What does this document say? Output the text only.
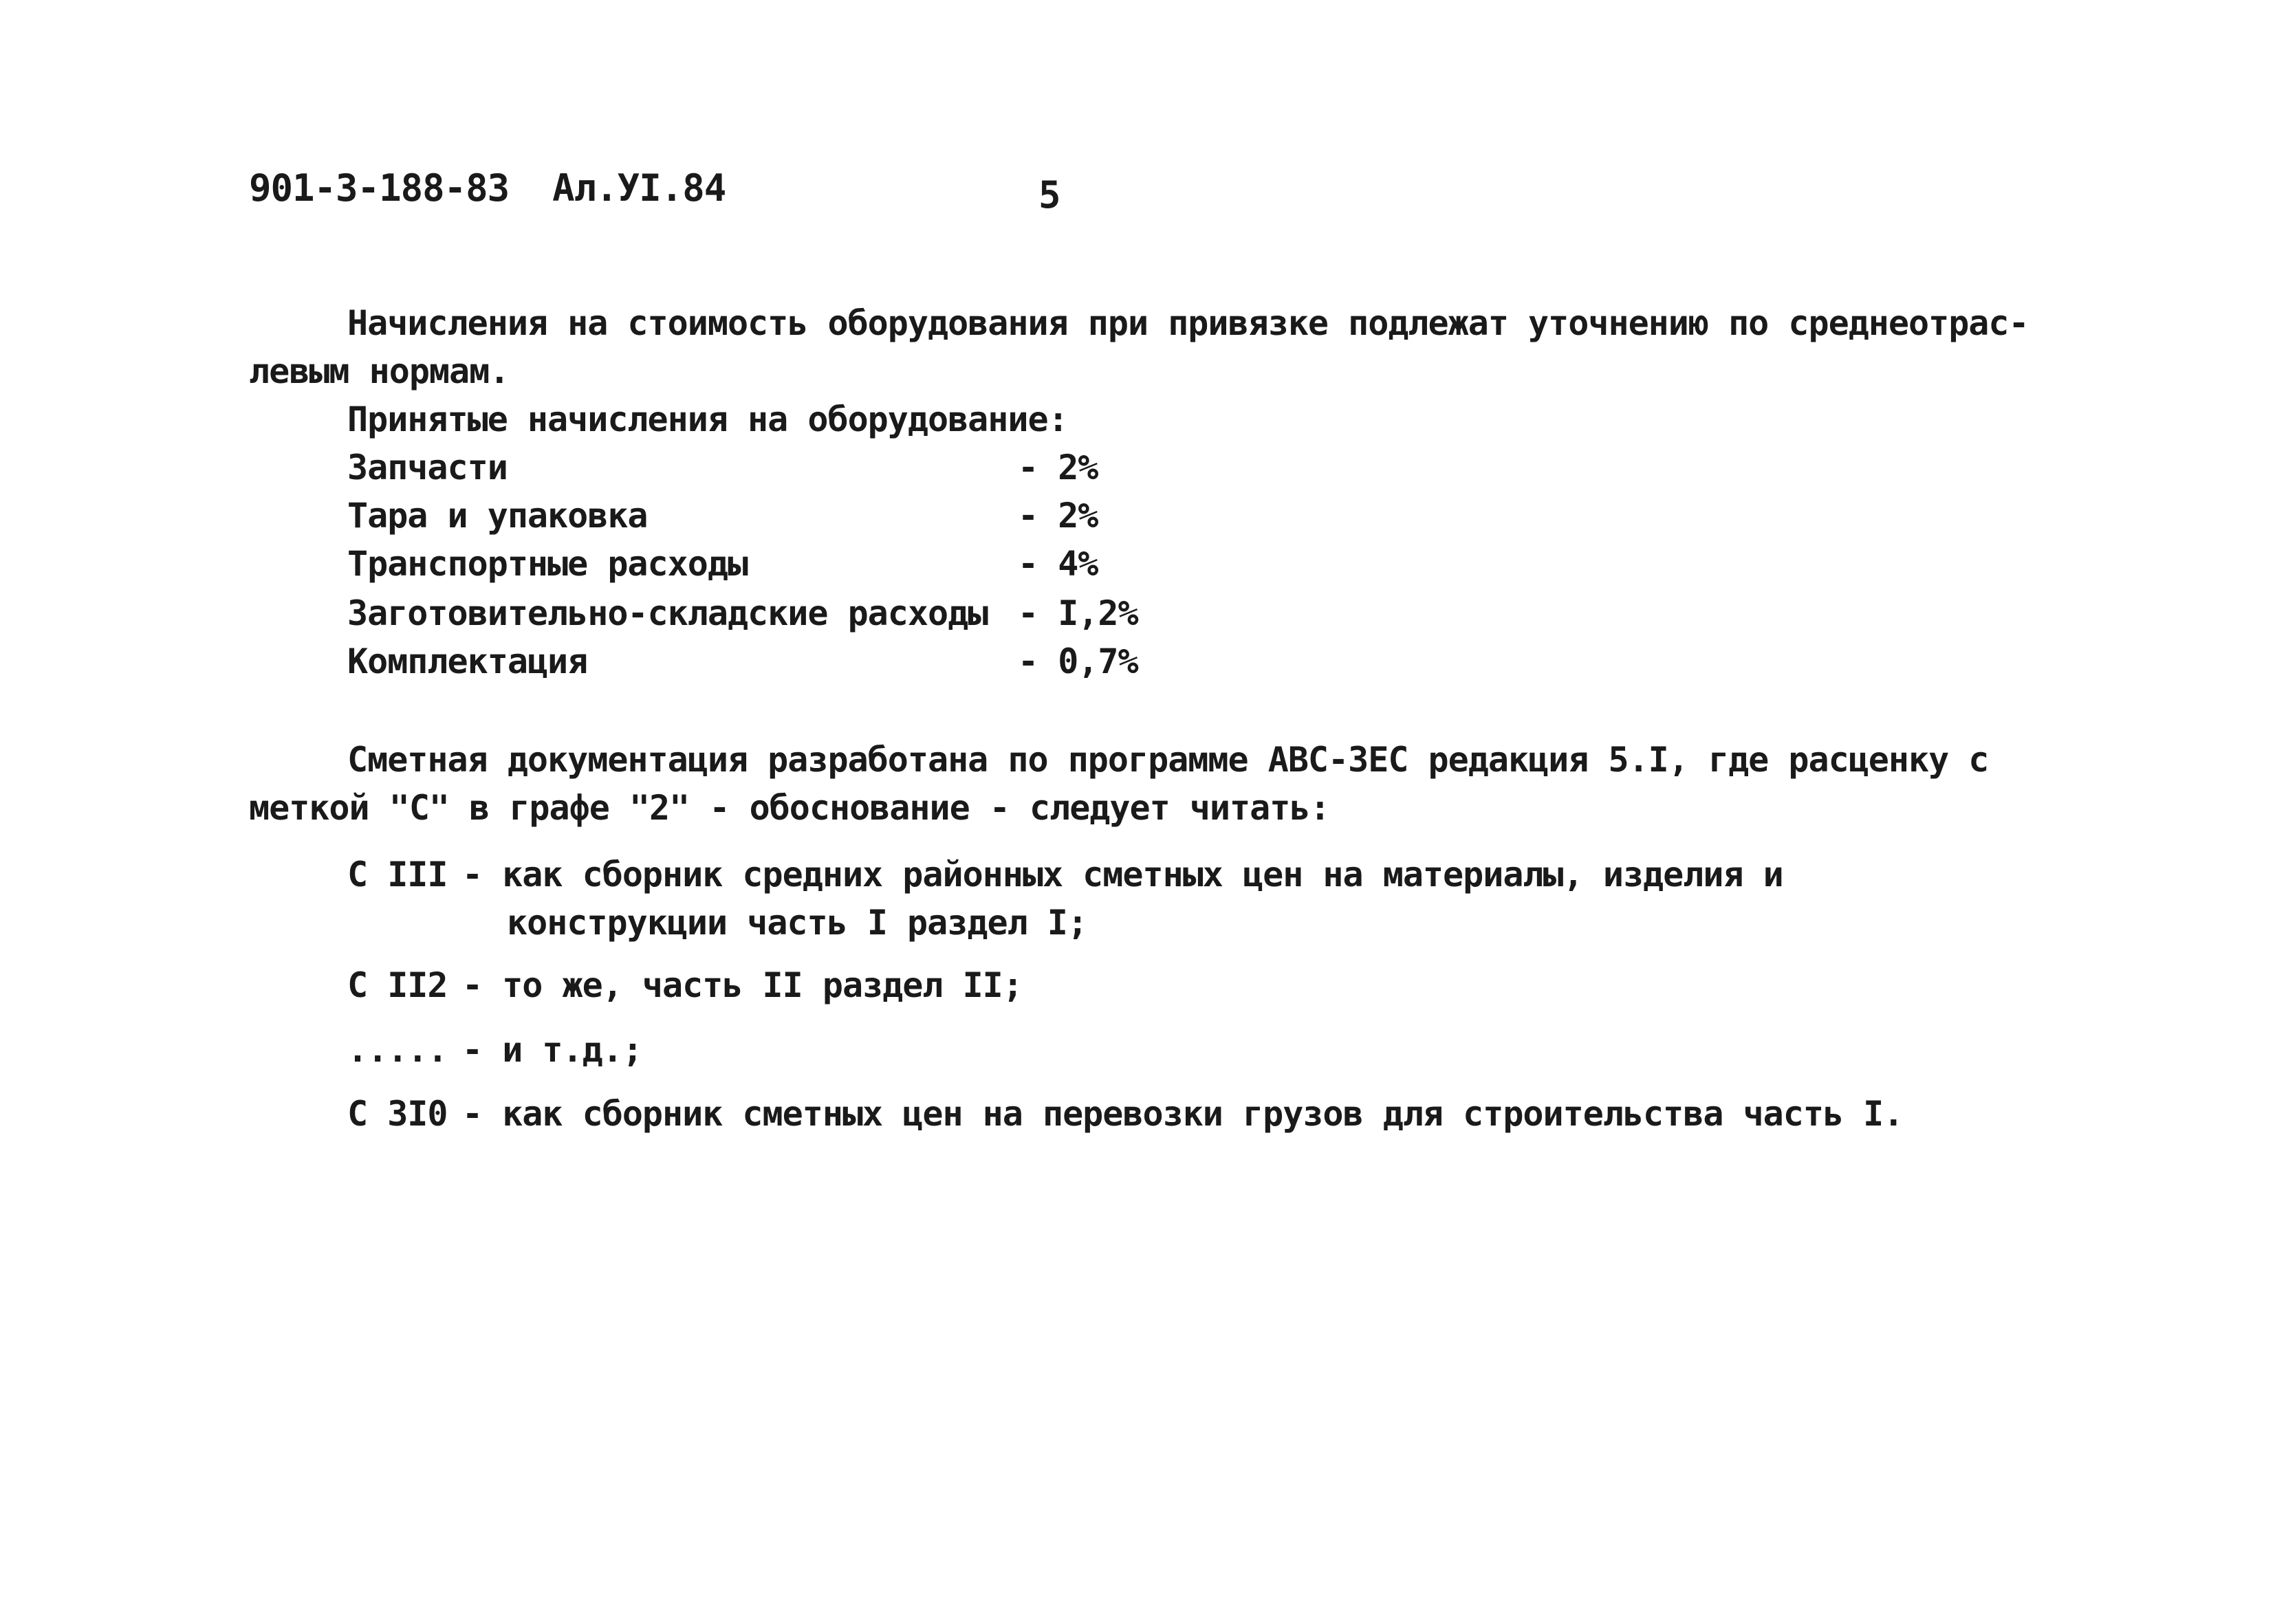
901-3-188-83  Ал.УI.84	5
Начисления на стоимость оборудования при привязке подлежат уточнению по среднеотрас-
левым нормам.
Принятые начисления на оборудование:
Запчасти	- 2%
Тара и упаковка	- 2%
Транспортные расходы	- 4%
Заготовительно-складские расходы - I,2%
Комплектация	- 0,7%
Сметная документация разработана по программе АВС-ЗЕС редакция 5.I, где расценку с
меткой "С" в графе "2" - обоснование - следует читать:
С III - как сборник средних районных сметных цен на материалы, изделия и
конструкции часть I раздел I;
С II2 - то же, часть II раздел II;
..... - и т.д.;
С 3I0 - как сборник сметных цен на перевозки грузов для строительства часть I.
